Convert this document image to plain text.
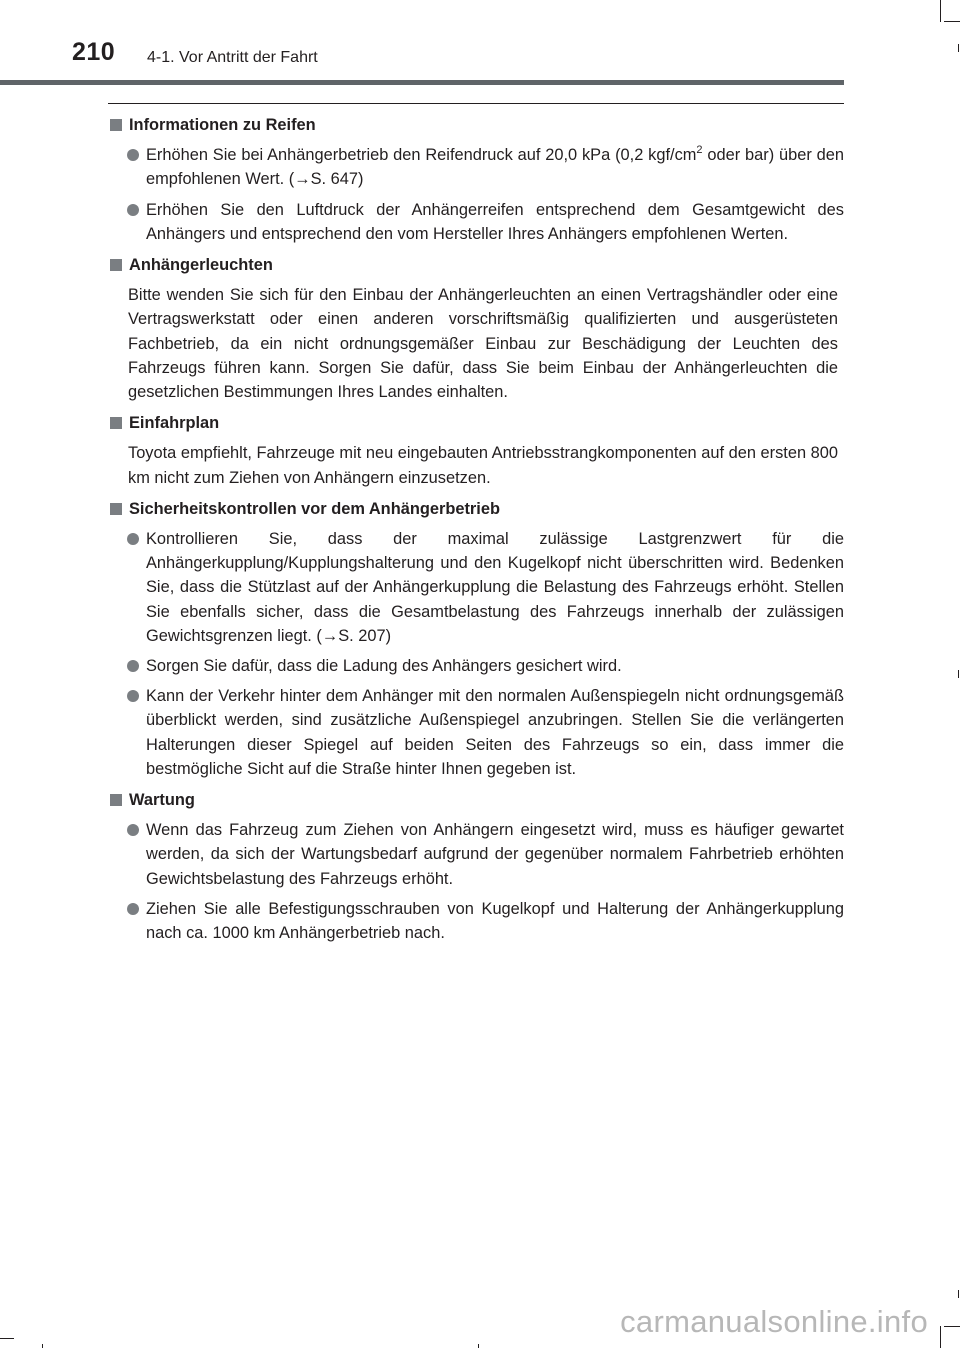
210 4-1. Vor Antritt der Fahrt
Informationen zu Reifen
Erhöhen Sie bei Anhängerbetrieb den Reifendruck auf 20,0 kPa (0,2 kgf/$cm^2$ oder bar) über den empfohlenen Wert. (→S. 647)
Erhöhen Sie den Luftdruck der Anhängerreifen entsprechend dem Gesamtgewicht des Anhängers und entsprechend den vom Hersteller Ihres Anhängers empfohlenen Werten.
Anhängerleuchten
Bitte wenden Sie sich für den Einbau der Anhängerleuchten an einen Vertragshändler oder eine Vertragswerkstatt oder einen anderen vorschriftsmäßig qualifizierten und ausgerüsteten Fachbetrieb, da ein nicht ordnungsgemäßer Einbau zur Beschädigung der Leuchten des Fahrzeugs führen kann. Sorgen Sie dafür, dass Sie beim Einbau der Anhängerleuchten die gesetzlichen Bestimmungen Ihres Landes einhalten.
Einfahrplan
Toyota empfiehlt, Fahrzeuge mit neu eingebauten Antriebsstrangkomponenten auf den ersten 800 km nicht zum Ziehen von Anhängern einzusetzen.
Sicherheitskontrollen vor dem Anhängerbetrieb
Kontrollieren Sie, dass der maximal zulässige Lastgrenzwert für die Anhängerkupplung/Kupplungshalterung und den Kugelkopf nicht überschritten wird. Bedenken Sie, dass die Stützlast auf der Anhängerkupplung die Belastung des Fahrzeugs erhöht. Stellen Sie ebenfalls sicher, dass die Gesamtbelastung des Fahrzeugs innerhalb der zulässigen Gewichtsgrenzen liegt. (→S. 207)
Sorgen Sie dafür, dass die Ladung des Anhängers gesichert wird.
Kann der Verkehr hinter dem Anhänger mit den normalen Außenspiegeln nicht ordnungsgemäß überblickt werden, sind zusätzliche Außenspiegel anzubringen. Stellen Sie die verlängerten Halterungen dieser Spiegel auf beiden Seiten des Fahrzeugs so ein, dass immer die bestmögliche Sicht auf die Straße hinter Ihnen gegeben ist.
Wartung
Wenn das Fahrzeug zum Ziehen von Anhängern eingesetzt wird, muss es häufiger gewartet werden, da sich der Wartungsbedarf aufgrund der gegenüber normalem Fahrbetrieb erhöhten Gewichtsbelastung des Fahrzeugs erhöht.
Ziehen Sie alle Befestigungsschrauben von Kugelkopf und Halterung der Anhängerkupplung nach ca. 1000 km Anhängerbetrieb nach.
carmanualsonline.info
